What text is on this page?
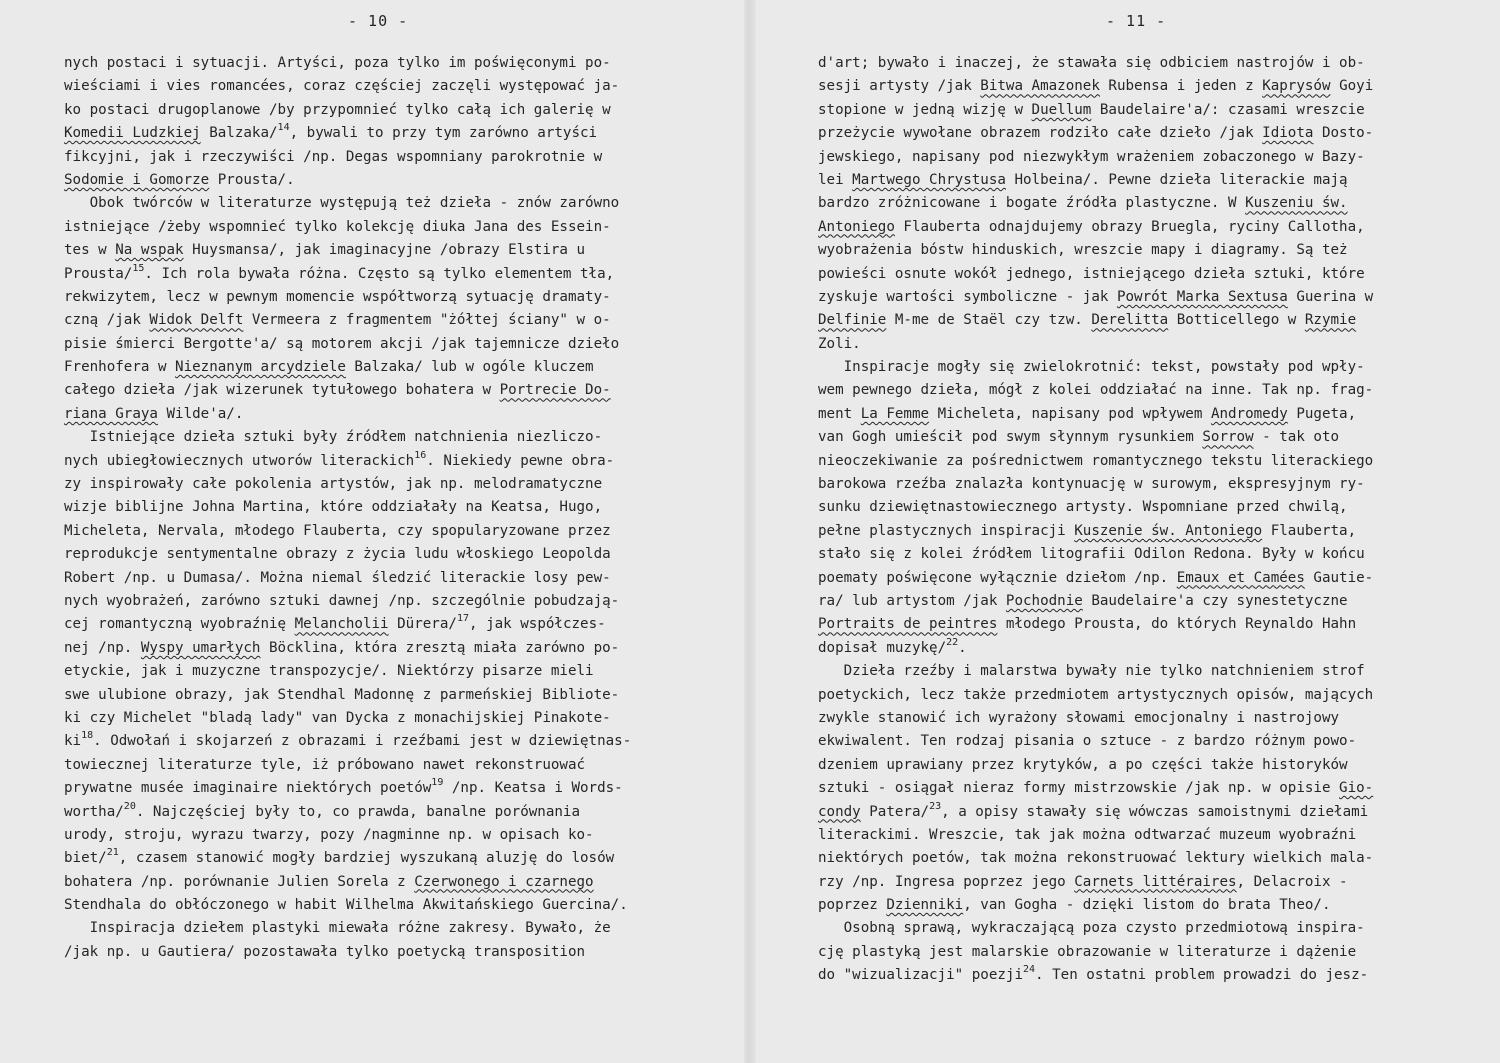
- 10 -
nych postaci i sytuacji. Artyści, poza tylko im poświęconymi po-
wieściami i vies romancées, coraz częściej zaczęli występować ja-
ko postaci drugoplanowe /by przypomnieć tylko całą ich galerię w
Komedii Ludzkiej Balzaka/$^{14}$, bywali to przy tym zarówno artyści
fikcyjni, jak i rzeczywiści /np. Degas wspomniany parokrotnie w
Sodomie i Gomorze Prousta/.
Obok twórców w literaturze występują też dzieła - znów zarówno
istniejące /żeby wspomnieć tylko kolekcję diuka Jana des Essein-
tes w Na wspak Huysmansa/, jak imaginacyjne /obrazy Elstira u
Prousta/$^{15}$. Ich rola bywała różna. Często są tylko elementem tła,
rekwizytem, lecz w pewnym momencie współtworzą sytuację dramaty-
czną /jak Widok Delft Vermeera z fragmentem "żółtej ściany" w o-
pisie śmierci Bergotte'a/ są motorem akcji /jak tajemnicze dzieło
Frenhofera w Nieznanym arcydziele Balzaka/ lub w ogóle kluczem
całego dzieła /jak wizerunek tytułowego bohatera w Portrecie Do-
riana Graya Wilde'a/.
Istniejące dzieła sztuki były źródłem natchnienia niezliczo-
nych ubiegłowiecznych utworów literackich$^{16}$. Niekiedy pewne obra-
zy inspirowały całe pokolenia artystów, jak np. melodramatyczne
wizje biblijne Johna Martina, które oddziałały na Keatsa, Hugo,
Micheleta, Nervala, młodego Flauberta, czy spopularyzowane przez
reprodukcje sentymentalne obrazy z życia ludu włoskiego Leopolda
Robert /np. u Dumasa/. Można niemal śledzić literackie losy pew-
nych wyobrażeń, zarówno sztuki dawnej /np. szczególnie pobudzają-
cej romantyczną wyobraźnię Melancholii Dürera/$^{17}$, jak współczes-
nej /np. Wyspy umarłych Böcklina, która zresztą miała zarówno po-
etyckie, jak i muzyczne transpozycje/. Niektórzy pisarze mieli
swe ulubione obrazy, jak Stendhal Madonnę z parmeńskiej Bibliote-
ki czy Michelet "bladą lady" van Dycka z monachijskiej Pinakote-
$ki^{18}$. Odwołań i skojarzeń z obrazami i rzeźbami jest w dziewiętnas-
towiecznej literaturze tyle, iż próbowano nawet rekonstruować
prywatne musée imaginaire niektórych poetów$^{19}$ /np. Keatsa i Words-
wortha/$^{20}$. Najczęściej były to, co prawda, banalne porównania
urody, stroju, wyrazu twarzy, pozy /nagminne np. w opisach ko-
biet/$^{21}$, czasem stanowić mogły bardziej wyszukaną aluzję do losów
bohatera /np. porównanie Julien Sorela z Czerwonego i czarnego
Stendhala do obłóczonego w habit Wilhelma Akwitańskiego Guercina/.
Inspiracja dziełem plastyki miewała różne zakresy. Bywało, że
/jak np. u Gautiera/ pozostawała tylko poetycką transposition
- 11 -
d'art; bywało i inaczej, że stawała się odbiciem nastrojów i ob-
sesji artysty /jak Bitwa Amazonek Rubensa i jeden z Kaprysów Goyi
stopione w jedną wizję w Duellum Baudelaire'a/: czasami wreszcie
przeżycie wywołane obrazem rodziło całe dzieło /jak Idiota Dosto-
jewskiego, napisany pod niezwykłym wrażeniem zobaczonego w Bazy-
lei Martwego Chrystusa Holbeina/. Pewne dzieła literackie mają
bardzo zróżnicowane i bogate źródła plastyczne. W Kuszeniu św.
Antoniego Flauberta odnajdujemy obrazy Bruegla, ryciny Callotha,
wyobrażenia bóstw hinduskich, wreszcie mapy i diagramy. Są też
powieści osnute wokół jednego, istniejącego dzieła sztuki, które
zyskuje wartości symboliczne - jak Powrót Marka Sextusa Guerina w
Delfinie M-me de Staël czy tzw. Derelitta Botticellego w Rzymie
Zoli.
Inspiracje mogły się zwielokrotnić: tekst, powstały pod wpły-
wem pewnego dzieła, mógł z kolei oddziałać na inne. Tak np. frag-
ment La Femme Micheleta, napisany pod wpływem Andromedy Pugeta,
van Gogh umieścił pod swym słynnym rysunkiem Sorrow - tak oto
nieoczekiwanie za pośrednictwem romantycznego tekstu literackiego
barokowa rzeźba znalazła kontynuację w surowym, ekspresyjnym ry-
sunku dziewiętnastowiecznego artysty. Wspomniane przed chwilą,
pełne plastycznych inspiracji Kuszenie św. Antoniego Flauberta,
stało się z kolei źródłem litografii Odilon Redona. Były w końcu
poematy poświęcone wyłącznie dziełom /np. Emaux et Camées Gautie-
ra/ lub artystom /jak Pochodnie Baudelaire'a czy synestetyczne
Portraits de peintres młodego Prousta, do których Reynaldo Hahn
dopisał muzykę/$^{22}$.
Dzieła rzeźby i malarstwa bywały nie tylko natchnieniem strof
poetyckich, lecz także przedmiotem artystycznych opisów, mających
zwykle stanowić ich wyrażony słowami emocjonalny i nastrojowy
ekwiwalent. Ten rodzaj pisania o sztuce - z bardzo różnym powo-
dzeniem uprawiany przez krytyków, a po części także historyków
sztuki - osiągał nieraz formy mistrzowskie /jak np. w opisie Gio-
condy Patera/$^{23}$, a opisy stawały się wówczas samoistnymi dziełami
literackimi. Wreszcie, tak jak można odtwarzać muzeum wyobraźni
niektórych poetów, tak można rekonstruować lektury wielkich mala-
rzy /np. Ingresa poprzez jego Carnets littéraires, Delacroix -
poprzez Dzienniki, van Gogha - dzięki listom do brata Theo/.
Osobną sprawą, wykraczającą poza czysto przedmiotową inspira-
cję plastyką jest malarskie obrazowanie w literaturze i dążenie
do "wizualizacji" poezji$^{24}$. Ten ostatni problem prowadzi do jesz-
